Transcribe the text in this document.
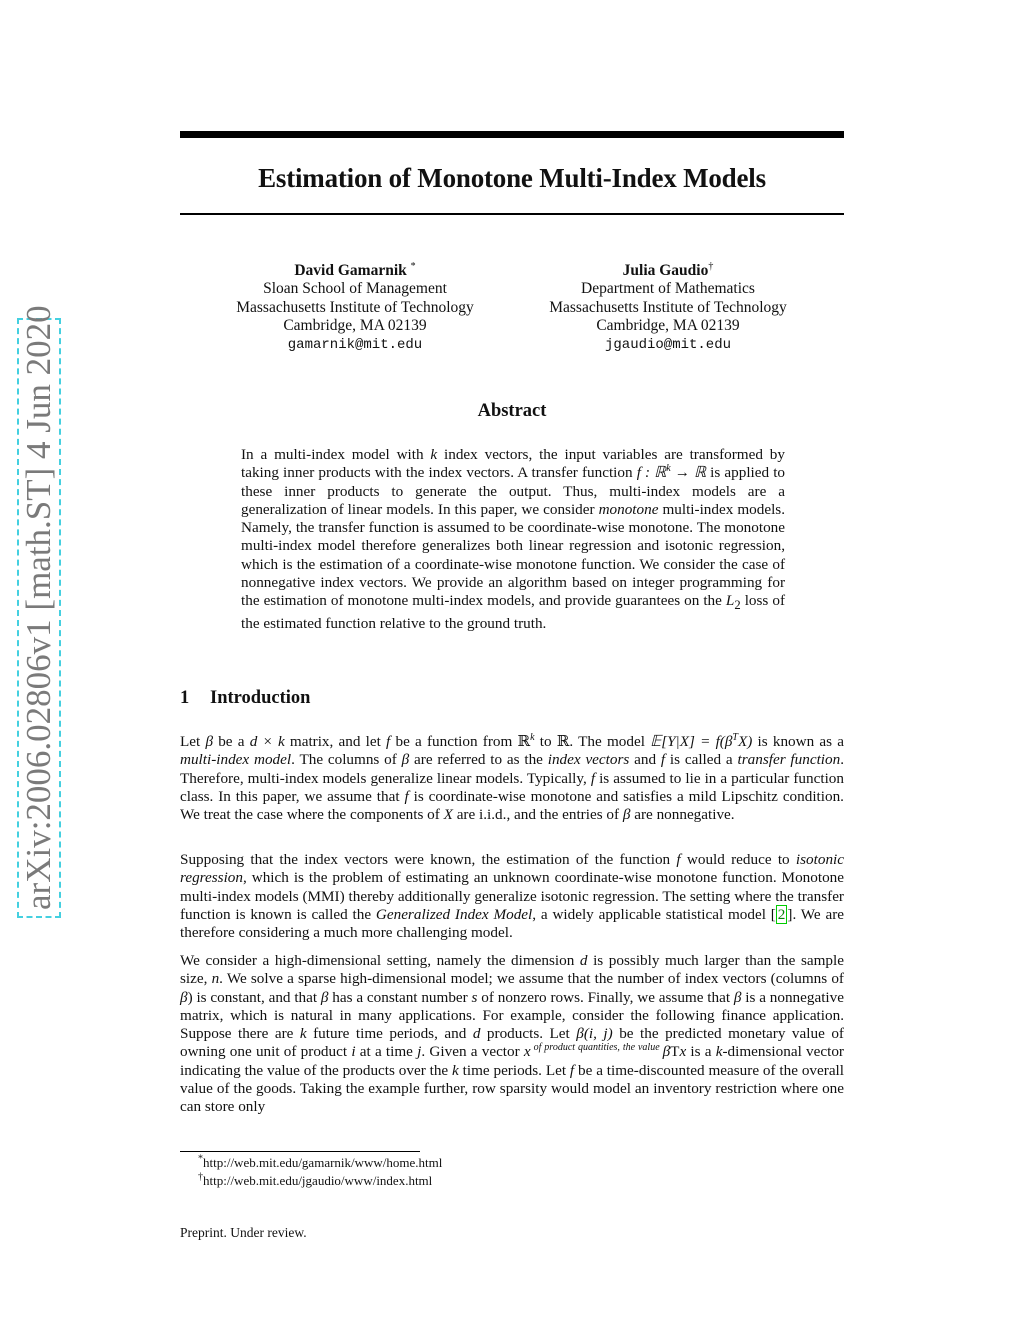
arXiv:2006.02806v1 [math.ST] 4 Jun 2020
Estimation of Monotone Multi-Index Models
David Gamarnik *
Sloan School of Management
Massachusetts Institute of Technology
Cambridge, MA 02139
gamarnik@mit.edu
Julia Gaudio†
Department of Mathematics
Massachusetts Institute of Technology
Cambridge, MA 02139
jgaudio@mit.edu
Abstract

In a multi-index model with k index vectors, the input variables are transformed by taking inner products with the index vectors. A transfer function f : ℝ$^k$ → ℝ is applied to these inner products to generate the output. Thus, multi-index models are a generalization of linear models. In this paper, we consider monotone multi-index models. Namely, the transfer function is assumed to be coordinate-wise monotone. The monotone multi-index model therefore generalizes both linear regression and isotonic regression, which is the estimation of a coordinate-wise monotone function. We consider the case of nonnegative index vectors. We provide an algorithm based on integer programming for the estimation of monotone multi-index models, and provide guarantees on the $L_2$ loss of the estimated function relative to the ground truth.

1 Introduction

Let β be a d × k matrix, and let f be a function from ℝ$^k$ to ℝ. The model 𝔼[Y|X] = $f(\beta^TX)$ is known as a multi-index model. The columns of β are referred to as the index vectors and f is called a transfer function. Therefore, multi-index models generalize linear models. Typically, f is assumed to lie in a particular function class. In this paper, we assume that f is coordinate-wise monotone and satisfies a mild Lipschitz condition. We treat the case where the components of X are i.i.d., and the entries of β are nonnegative.

Supposing that the index vectors were known, the estimation of the function f would reduce to isotonic regression, which is the problem of estimating an unknown coordinate-wise monotone function. Monotone multi-index models (MMI) thereby additionally generalize isotonic regression. The setting where the transfer function is known is called the Generalized Index Model, a widely applicable statistical model [ 2 ]. We are therefore considering a much more challenging model.

We consider a high-dimensional setting, namely the dimension d is possibly much larger than the sample size, n. We solve a sparse high-dimensional model; we assume that the number of index vectors (columns of β) is constant, and that β has a constant number s of nonzero rows. Finally, we assume that β is a nonnegative matrix, which is natural in many applications. For example, consider the following finance application. Suppose there are k future time periods, and d products. Let β(i, j) be the predicted monetary value of owning one unit of product i at a time j. Given a vector x $^{of product quantities, the value}$ βTx is a k-dimensional vector indicating the value of the products over the k time periods. Let f be a time-discounted measure of the overall value of the goods. Taking the example further, row sparsity would model an inventory restriction where one can store only

*http://web.mit.edu/gamarnik/www/home.html
†http://web.mit.edu/jgaudio/www/index.html
Preprint. Under review.
